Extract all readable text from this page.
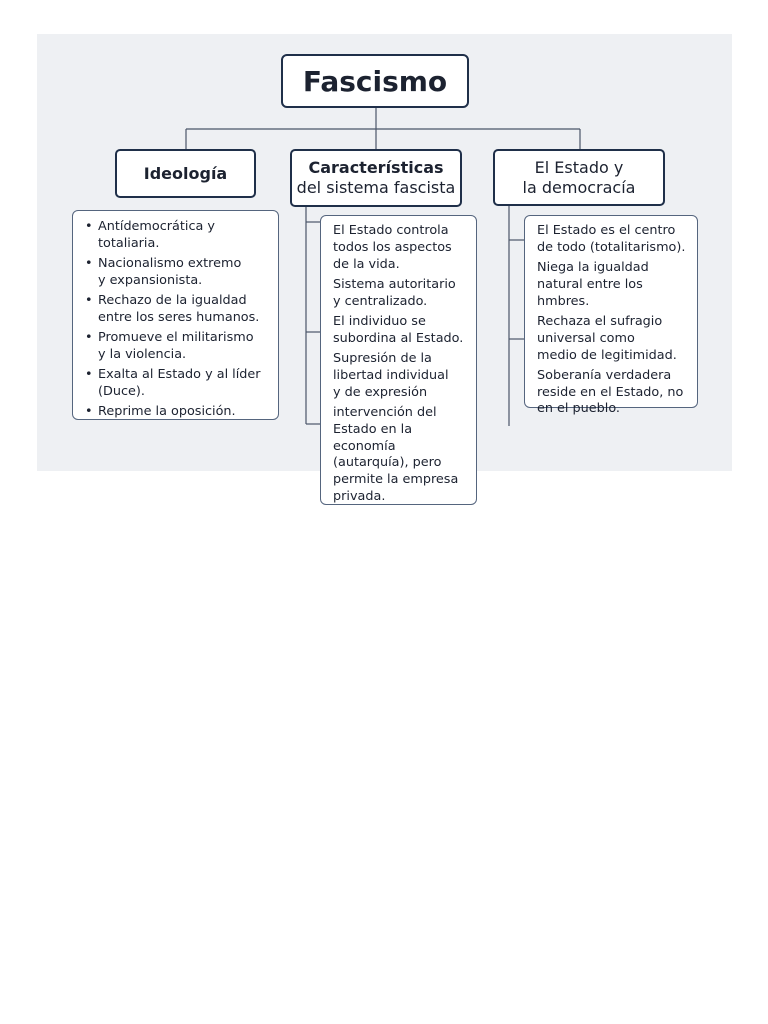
Fascismo
Ideología	Características
del sistema fascista
El Estado y
la democracía
• Antídemocrática y totaliaria.
• Nacionalismo extremo
y expansionista.
• Rechazo de la igualdad
entre los seres humanos.
• Promueve el militarismo
y la violencia.
• Exalta al Estado y al líder
(Duce).
• Reprime la oposición.
El Estado controla
todos los aspectos
de la vida.
Sistema autoritario
y centralizado.
El individuo se
subordina al Estado.
Supresión de la
libertad individual
y de expresión
intervención del
Estado en la economía
(autarquía), pero
permite la empresa
privada.
El Estado es el centro
de todo (totalitarismo).
Niega la igualdad
natural entre los hmbres.
Rechaza el sufragio
universal como
medio de legitimidad.
Soberanía verdadera
reside en el Estado, no
en el pueblo.
